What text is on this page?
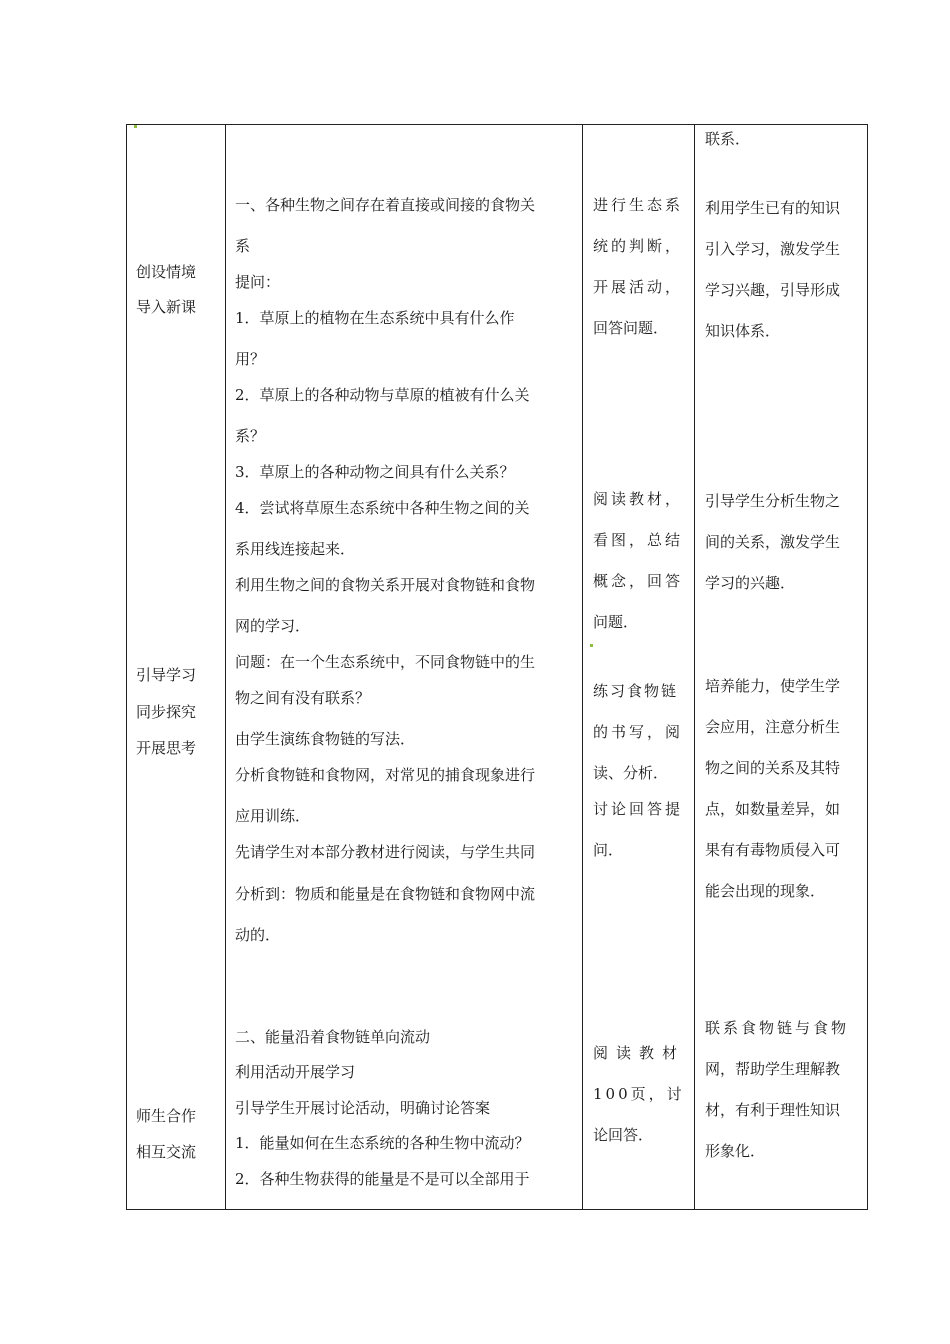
创设情境
导入新课
引导学习
同步探究
开展思考
师生合作
相互交流
一、各种生物之间存在着直接或间接的食物关
系
提问：
1．草原上的植物在生态系统中具有什么作
用？
2．草原上的各种动物与草原的植被有什么关
系？
3．草原上的各种动物之间具有什么关系？
4．尝试将草原生态系统中各种生物之间的关
系用线连接起来．
利用生物之间的食物关系开展对食物链和食物
网的学习．
问题：在一个生态系统中，不同食物链中的生
物之间有没有联系？
由学生演练食物链的写法．
分析食物链和食物网，对常见的捕食现象进行
应用训练．
先请学生对本部分教材进行阅读，与学生共同
分析到：物质和能量是在食物链和食物网中流
动的．
二、能量沿着食物链单向流动
利用活动开展学习
引导学生开展讨论活动，明确讨论答案
1．能量如何在生态系统的各种生物中流动？
2．各种生物获得的能量是不是可以全部用于
进行生态系
统的判断，
开展活动，
回答问题．
阅读教材，
看图，总结
概念，回答
问题．
练习食物链
的书写，阅
读、分析．
讨论回答提
问．
阅读教材
100页，讨
论回答．
联系．
利用学生已有的知识
引入学习，激发学生
学习兴趣，引导形成
知识体系．
引导学生分析生物之
间的关系，激发学生
学习的兴趣．
培养能力，使学生学
会应用，注意分析生
物之间的关系及其特
点，如数量差异，如
果有有毒物质侵入可
能会出现的现象．
联系食物链与食物
网，帮助学生理解教
材，有利于理性知识
形象化．
